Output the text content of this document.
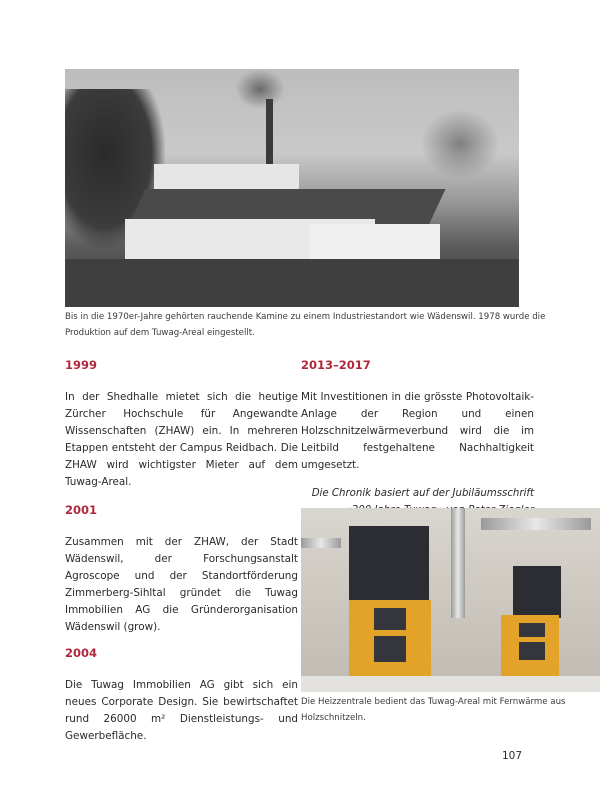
Bis in die 1970er-Jahre gehörten rauchende Kamine zu einem Industriestandort wie Wädenswil. 1978 wurde die Produktion auf dem Tuwag-Areal eingestellt.
1999

In der Shedhalle mietet sich die heutige Zürcher Hochschule für Angewandte Wissenschaften (ZHAW) ein. In mehreren Etappen entsteht der Campus Reidbach. Die ZHAW wird wichtigster Mieter auf dem Tuwag-Areal.

2001

Zusammen mit der ZHAW, der Stadt Wädenswil, der Forschungsanstalt Agroscope und der Standortförderung Zimmerberg-Sihltal gründet die Tuwag Immobilien AG die Gründerorganisation Wädenswil (grow).

2004

Die Tuwag Immobilien AG gibt sich ein neues Corporate Design. Sie bewirtschaftet rund 26000 m² Dienstleistungs- und Gewerbefläche.

2013–2017

Mit Investitionen in die grösste Photovoltaik-Anlage der Region und einen Holzschnitzelwärmeverbund wird die im Leitbild festgehaltene Nachhaltigkeit umgesetzt.

Die Chronik basiert auf der Jubiläumsschrift
Die Heizzentrale bedient das Tuwag-Areal mit Fernwärme aus Holzschnitzeln.
107
